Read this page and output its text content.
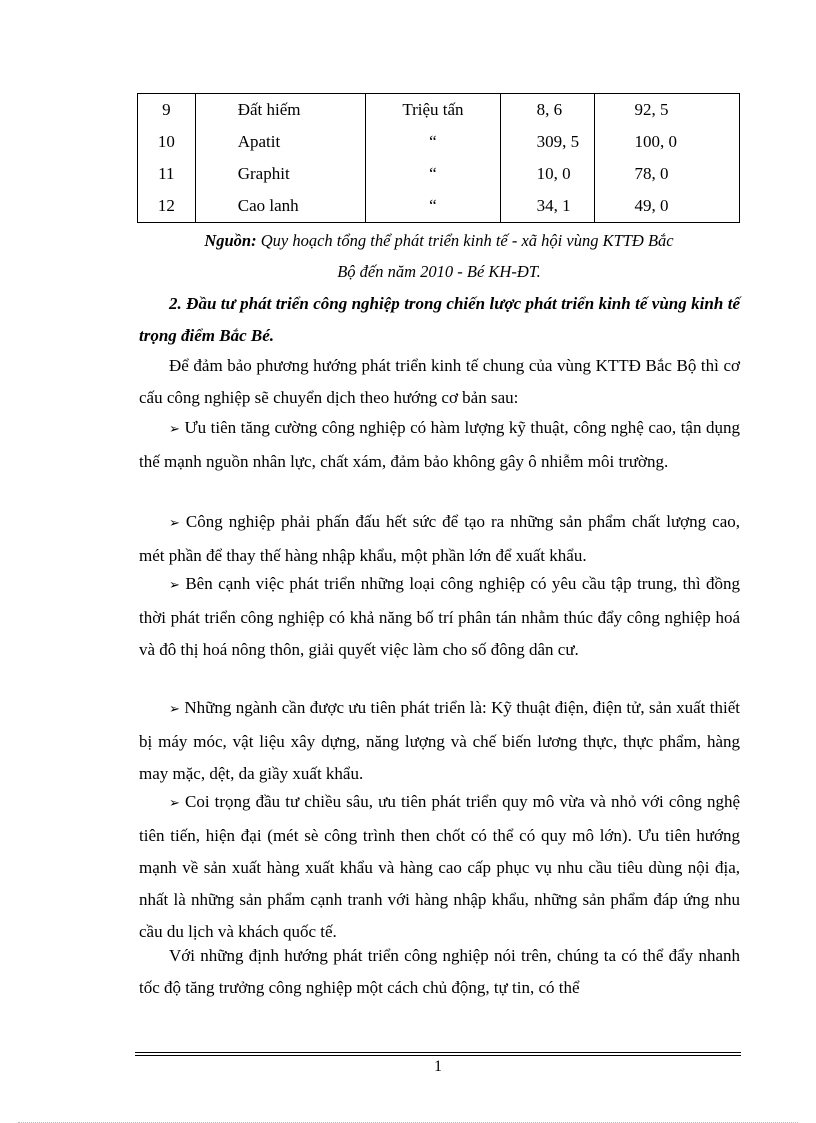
9	Đất hiếm	Triệu tấn	8, 6	92, 5
10	Apatit	“	309, 5	100, 0
11	Graphit	“	10, 0	78, 0
12	Cao lanh	“	34, 1	49, 0
Nguồn: Quy hoạch tổng thể phát triển kinh tế - xã hội vùng KTTĐ Bắc
Bộ đến năm 2010 - Bé KH-ĐT.
2. Đầu tư phát triển công nghiệp trong chiến lược phát triển kinh tế vùng kinh tế trọng điểm Bắc Bé.

Để đảm bảo phương hướng phát triển kinh tế chung của vùng KTTĐ Bắc Bộ thì cơ cấu công nghiệp sẽ chuyển dịch theo hướng cơ bản sau:

➢ Ưu tiên tăng cường công nghiệp có hàm lượng kỹ thuật, công nghệ cao, tận dụng thế mạnh nguồn nhân lực, chất xám, đảm bảo không gây ô nhiễm môi trường.

➢ Công nghiệp phải phấn đấu hết sức để tạo ra những sản phẩm chất lượng cao, mét phần để thay thế hàng nhập khẩu, một phần lớn để xuất khẩu.

➢ Bên cạnh việc phát triển những loại công nghiệp có yêu cầu tập trung, thì đồng thời phát triển công nghiệp có khả năng bố trí phân tán nhằm thúc đẩy công nghiệp hoá và đô thị hoá nông thôn, giải quyết việc làm cho số đông dân cư.

➢ Những ngành cần được ưu tiên phát triển là: Kỹ thuật điện, điện tử, sản xuất thiết bị máy móc, vật liệu xây dựng, năng lượng và chế biến lương thực, thực phẩm, hàng may mặc, dệt, da giầy xuất khẩu.

➢ Coi trọng đầu tư chiều sâu, ưu tiên phát triển quy mô vừa và nhỏ với công nghệ tiên tiến, hiện đại (mét sè công trình then chốt có thể có quy mô lớn). Ưu tiên hướng mạnh về sản xuất hàng xuất khẩu và hàng cao cấp phục vụ nhu cầu tiêu dùng nội địa, nhất là những sản phẩm cạnh tranh với hàng nhập khẩu, những sản phẩm đáp ứng nhu cầu du lịch và khách quốc tế.

Với những định hướng phát triển công nghiệp nói trên, chúng ta có thể đẩy nhanh tốc độ tăng trưởng công nghiệp một cách chủ động, tự tin, có thể

1
